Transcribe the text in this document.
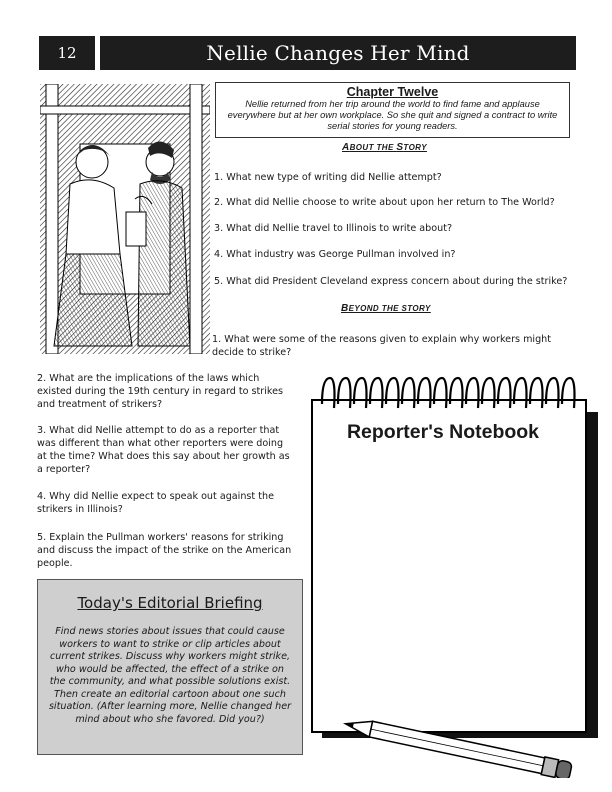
12	Nellie Changes Her Mind
Chapter Twelve
Nellie returned from her trip around the world to find fame and applause everywhere but at her own workplace. So she quit and signed a contract to write serial stories for young readers.
ABOUT THE STORY
1. What new type of writing did Nellie attempt?
2. What did Nellie choose to write about upon her return to The World?
3. What did Nellie travel to Illinois to write about?
4. What industry was George Pullman involved in?
5. What did President Cleveland express concern about during the strike?
BEYOND THE STORY
1. What were some of the reasons given to explain why workers might decide to strike?
2. What are the implications of the laws which existed during the 19th century in regard to strikes and treatment of strikers?
3. What did Nellie attempt to do as a reporter that was different than what other reporters were doing at the time? What does this say about her growth as a reporter?
4. Why did Nellie expect to speak out against the strikers in Illinois?
5. Explain the Pullman workers' reasons for striking and discuss the impact of the strike on the American people.
Today's Editorial Briefing
Find news stories about issues that could cause workers to want to strike or clip articles about current strikes. Discuss why workers might strike, who would be affected, the effect of a strike on the community, and what possible solutions exist. Then create an editorial cartoon about one such situation. (After learning more, Nellie changed her mind about who she favored. Did you?)
Reporter's Notebook
